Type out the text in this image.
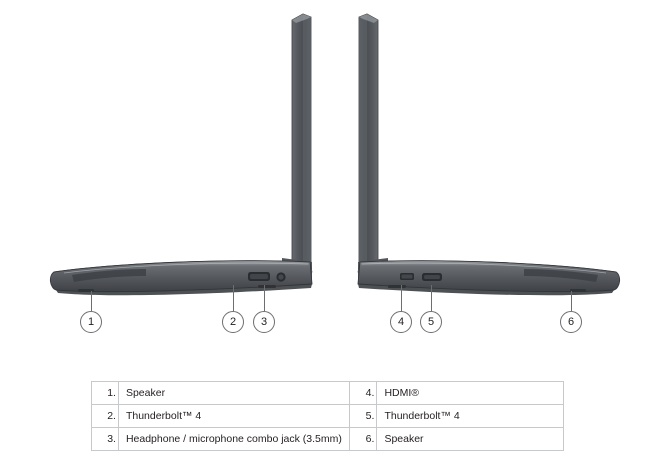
1	2	3	4	5	6
1.	Speaker	4.	HDMI®
2.	Thunderbolt™ 4	5.	Thunderbolt™ 4
3.	Headphone / microphone combo jack (3.5mm)	6.	Speaker
